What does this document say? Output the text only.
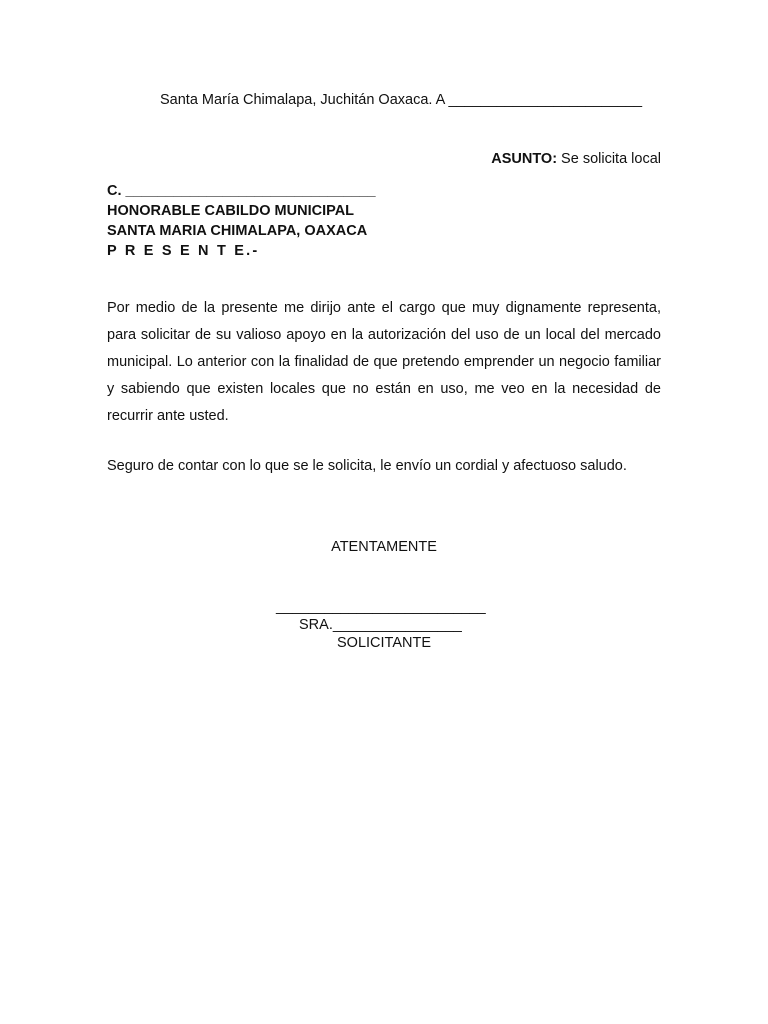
Santa María Chimalapa, Juchitán Oaxaca. A ________________________
ASUNTO: Se solicita local
C. _______________________________
HONORABLE CABILDO MUNICIPAL
SANTA MARIA CHIMALAPA, OAXACA
P R E S E N T E.-

Por medio de la presente me dirijo ante el cargo que muy dignamente representa, para solicitar de su valioso apoyo en la autorización del uso de un local del mercado municipal. Lo anterior con la finalidad de que pretendo emprender un negocio familiar y sabiendo que existen locales que no están en uso, me veo en la necesidad de recurrir ante usted.

Seguro de contar con lo que se le solicita, le envío un cordial y afectuoso saludo.

ATENTAMENTE
__________________________
SRA.________________
SOLICITANTE
